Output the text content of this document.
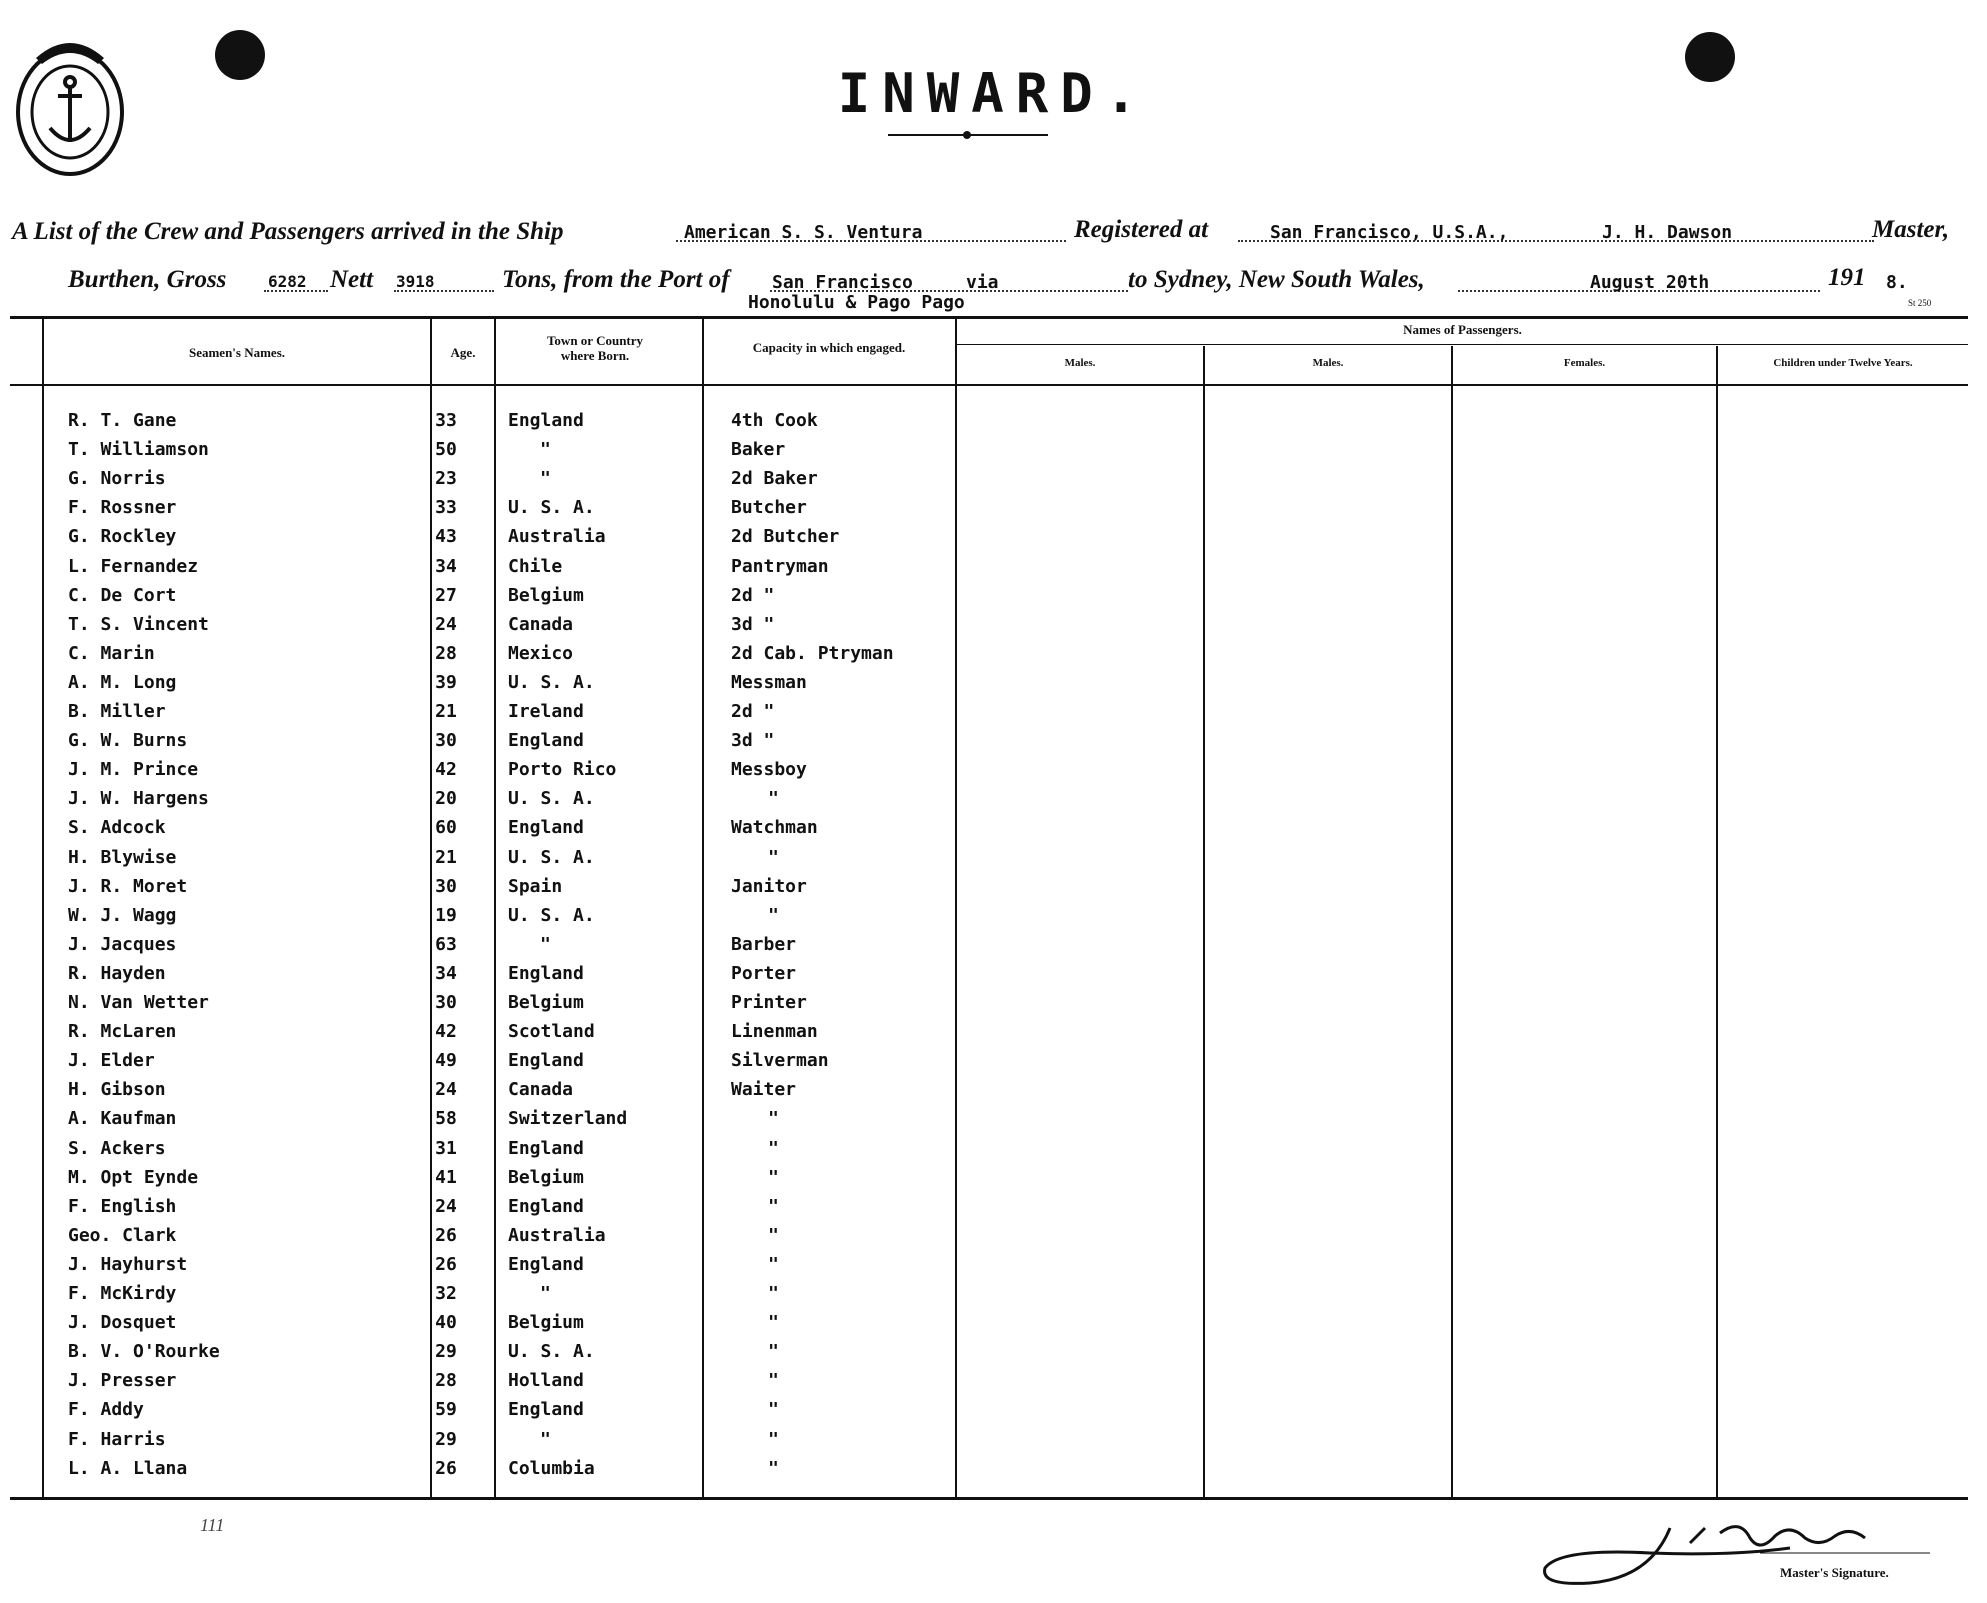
INWARD.
A List of the Crew and Passengers arrived in the Ship	American S. S. Ventura	Registered at	San Francisco, U.S.A.,	J. H. Dawson	Master,
Burthen, Gross	6282 Nett 3918	Tons, from the Port of San Francisco	via
Honolulu & Pago Pago
to Sydney, New South Wales,	August 20th	191 8.
St 250
Seamen's Names.	Age.
Town or Country where Born.
Capacity in which engaged.
Names of Passengers.
Males.	Males.	Females.	Children under Twelve Years.
R. T. Gane	33	England	4th Cook
T. Williamson	50	"	Baker
G. Norris	23	"	2d Baker
F. Rossner	33	U. S. A.	Butcher
G. Rockley	43	Australia	2d Butcher
L. Fernandez	34	Chile	Pantryman
C. De Cort	27	Belgium	2d "
T. S. Vincent	24	Canada	3d "
C. Marin	28	Mexico	2d Cab. Ptryman
A. M. Long	39	U. S. A.	Messman
B. Miller	21	Ireland	2d "
G. W. Burns	30	England	3d "
J. M. Prince	42	Porto Rico	Messboy
J. W. Hargens	20	U. S. A.	"
S. Adcock	60	England	Watchman
H. Blywise	21	U. S. A.	"
J. R. Moret	30	Spain	Janitor
W. J. Wagg	19	U. S. A.	"
J. Jacques	63	"	Barber
R. Hayden	34	England	Porter
N. Van Wetter	30	Belgium	Printer
R. McLaren	42	Scotland	Linenman
J. Elder	49	England	Silverman
H. Gibson	24	Canada	Waiter
A. Kaufman	58	Switzerland	"
S. Ackers	31	England	"
M. Opt Eynde	41	Belgium	"
F. English	24	England	"
Geo. Clark	26	Australia	"
J. Hayhurst	26	England	"
F. McKirdy	32	"	"
J. Dosquet	40	Belgium	"
B. V. O'Rourke	29	U. S. A.	"
J. Presser	28	Holland	"
F. Addy	59	England	"
F. Harris	29	"	"
L. A. Llana	26	Columbia	"
111
J. H. Dawson
Master's Signature.
